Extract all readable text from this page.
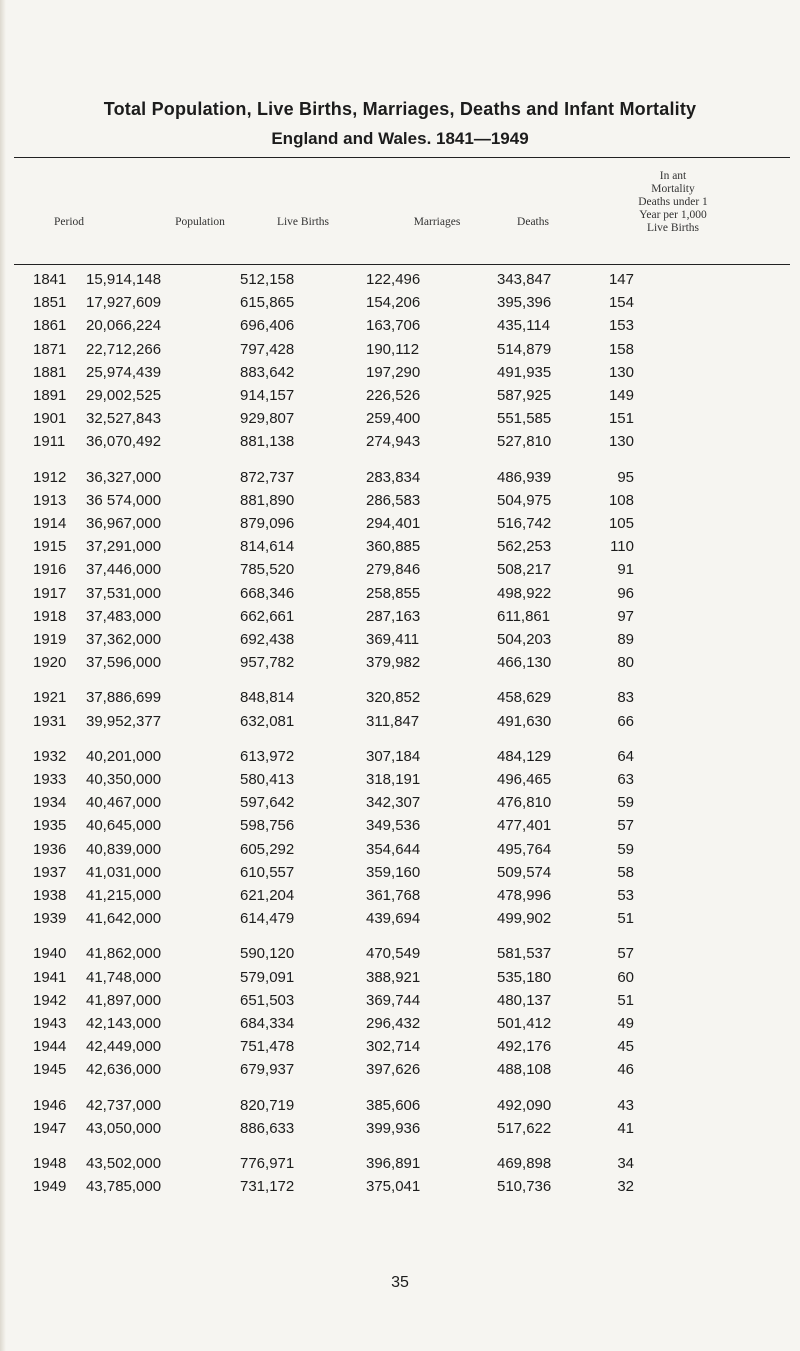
Total Population, Live Births, Marriages, Deaths and Infant Mortality
England and Wales. 1841—1949
Period	Population	Live Births	Marriages	Deaths
In ant
Mortality
Deaths under 1
Year per 1,000
Live Births
1841 15,914,148	512,158	122,496	343,847	147
1851 17,927,609	615,865	154,206	395,396	154
1861 20,066,224	696,406	163,706	435,114	153
1871 22,712,266	797,428	190,112	514,879	158
1881 25,974,439	883,642	197,290	491,935	130
1891 29,002,525	914,157	226,526	587,925	149
1901 32,527,843	929,807	259,400	551,585	151
1911 36,070,492	881,138	274,943	527,810	130
1912 36,327,000	872,737	283,834	486,939	95
1913 36 574,000	881,890	286,583	504,975	108
1914 36,967,000	879,096	294,401	516,742	105
1915 37,291,000	814,614	360,885	562,253	110
1916 37,446,000	785,520	279,846	508,217	91
1917 37,531,000	668,346	258,855	498,922	96
1918 37,483,000	662,661	287,163	611,861	97
1919 37,362,000	692,438	369,411	504,203	89
1920 37,596,000	957,782	379,982	466,130	80
1921 37,886,699	848,814	320,852	458,629	83
1931 39,952,377	632,081	311,847	491,630	66
1932 40,201,000	613,972	307,184	484,129	64
1933 40,350,000	580,413	318,191	496,465	63
1934 40,467,000	597,642	342,307	476,810	59
1935 40,645,000	598,756	349,536	477,401	57
1936 40,839,000	605,292	354,644	495,764	59
1937 41,031,000	610,557	359,160	509,574	58
1938 41,215,000	621,204	361,768	478,996	53
1939 41,642,000	614,479	439,694	499,902	51
1940 41,862,000	590,120	470,549	581,537	57
1941 41,748,000	579,091	388,921	535,180	60
1942 41,897,000	651,503	369,744	480,137	51
1943 42,143,000	684,334	296,432	501,412	49
1944 42,449,000	751,478	302,714	492,176	45
1945 42,636,000	679,937	397,626	488,108	46
1946 42,737,000	820,719	385,606	492,090	43
1947 43,050,000	886,633	399,936	517,622	41
1948 43,502,000	776,971	396,891	469,898	34
1949 43,785,000	731,172	375,041	510,736	32
35
